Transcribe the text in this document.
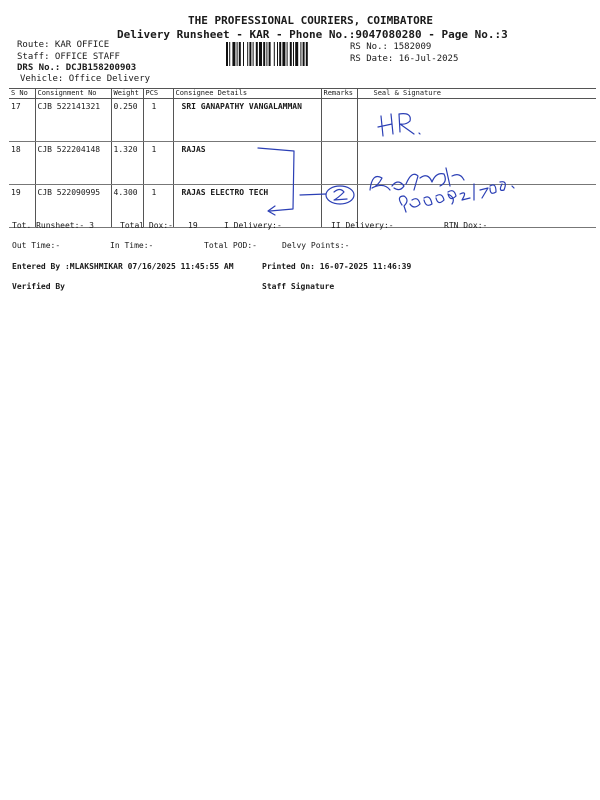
THE PROFESSIONAL COURIERS, COIMBATORE
Delivery Runsheet - KAR - Phone No.:9047080280 - Page No.:3
Route: KAR OFFICE
Staff: OFFICE STAFF
DRS No.: DCJB158200903
Vehicle: Office Delivery
RS No.: 1582009
RS Date: 16-Jul-2025
S No	Consignment No	Weight	PCS	Consignee Details	Remarks	Seal & Signature
17	CJB 522141321	0.250	1	SRI GANAPATHY VANGALAMMAN		
18	CJB 522204148	1.320	1	RAJAS		
19	CJB 522090995	4.300	1	RAJAS ELECTRO TECH		
Tot. Runsheet:- 3	Total Dox:- 19	I Delivery:-	II Delivery:-	RTN Dox:-
Out Time:-	In Time:-	Total POD:-	Delvy Points:-
Entered By :MLAKSHMIKAR 07/16/2025 11:45:55 AM	Printed On: 16-07-2025 11:46:39
Verified By	Staff Signature
